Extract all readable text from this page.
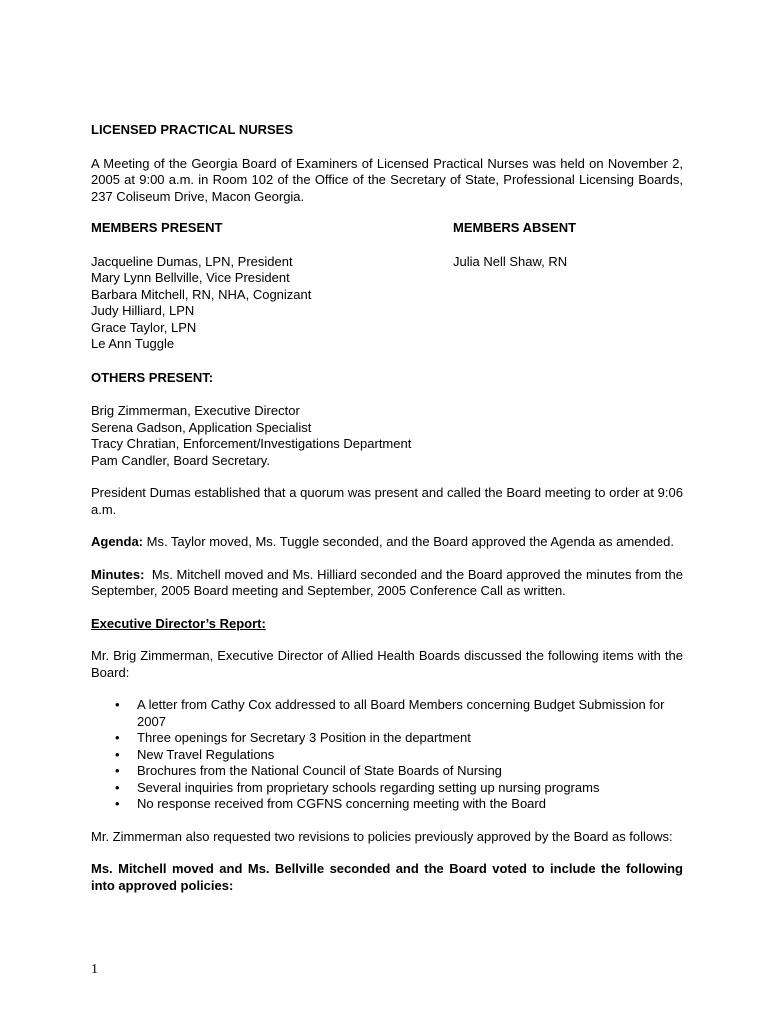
LICENSED PRACTICAL NURSES

A Meeting of the Georgia Board of Examiners of Licensed Practical Nurses was held on November 2, 2005 at 9:00 a.m. in Room 102 of the Office of the Secretary of State, Professional Licensing Boards, 237 Coliseum Drive, Macon Georgia.

MEMBERS PRESENT

Jacqueline Dumas, LPN, President

Mary Lynn Bellville, Vice President

Barbara Mitchell, RN, NHA, Cognizant

Judy Hilliard, LPN

Grace Taylor, LPN

Le Ann Tuggle

MEMBERS ABSENT

Julia Nell Shaw, RN

OTHERS PRESENT:

Brig Zimmerman, Executive Director

Serena Gadson, Application Specialist

Tracy Chratian, Enforcement/Investigations Department

Pam Candler, Board Secretary.

President Dumas established that a quorum was present and called the Board meeting to order at 9:06 a.m.

Agenda: Ms. Taylor moved, Ms. Tuggle seconded, and the Board approved the Agenda as amended.

Minutes:  Ms. Mitchell moved and Ms. Hilliard seconded and the Board approved the minutes from the September, 2005 Board meeting and September, 2005 Conference Call as written.

Executive Director’s Report:

Mr. Brig Zimmerman, Executive Director of Allied Health Boards discussed the following items with the Board:

• A letter from Cathy Cox addressed to all Board Members concerning Budget Submission for 2007
• Three openings for Secretary 3 Position in the department
• New Travel Regulations
• Brochures from the National Council of State Boards of Nursing
• Several inquiries from proprietary schools regarding setting up nursing programs
• No response received from CGFNS concerning meeting with the Board

Mr. Zimmerman also requested two revisions to policies previously approved by the Board as follows:

Ms. Mitchell moved and Ms. Bellville seconded and the Board voted to include the following into approved policies:

1
